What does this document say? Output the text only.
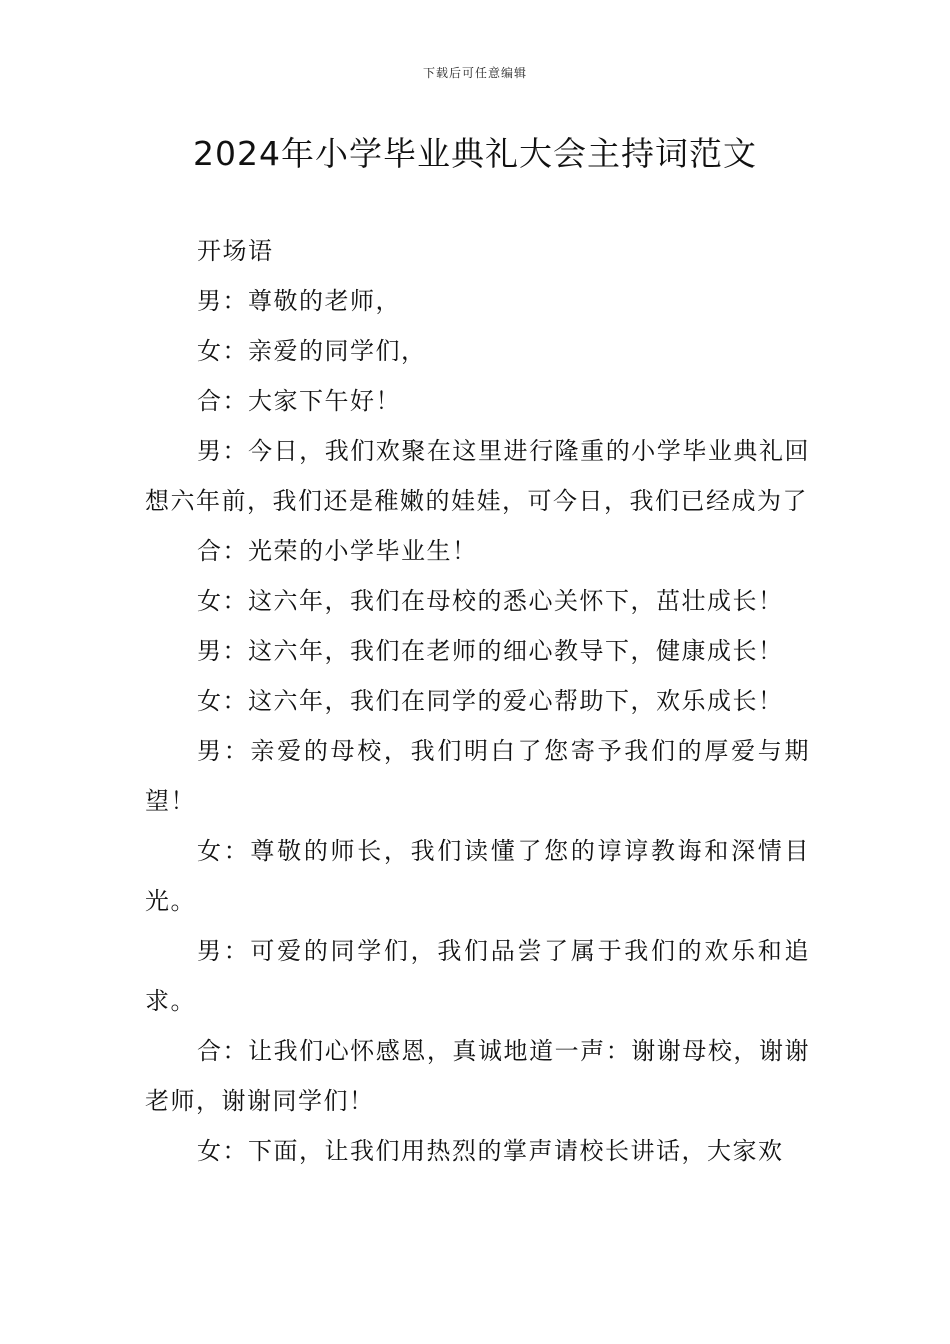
下载后可任意编辑
2024年小学毕业典礼大会主持词范文

开场语

男：尊敬的老师，

女：亲爱的同学们，

合：大家下午好！

男：今日，我们欢聚在这里进行隆重的小学毕业典礼回想六年前，我们还是稚嫩的娃娃，可今日，我们已经成为了

合：光荣的小学毕业生！

女：这六年，我们在母校的悉心关怀下，茁壮成长！

男：这六年，我们在老师的细心教导下，健康成长！

女：这六年，我们在同学的爱心帮助下，欢乐成长！

男：亲爱的母校，我们明白了您寄予我们的厚爱与期望！

女：尊敬的师长，我们读懂了您的谆谆教诲和深情目光。

男：可爱的同学们，我们品尝了属于我们的欢乐和追求。

合：让我们心怀感恩，真诚地道一声：谢谢母校，谢谢老师，谢谢同学们！

女：下面，让我们用热烈的掌声请校长讲话，大家欢
